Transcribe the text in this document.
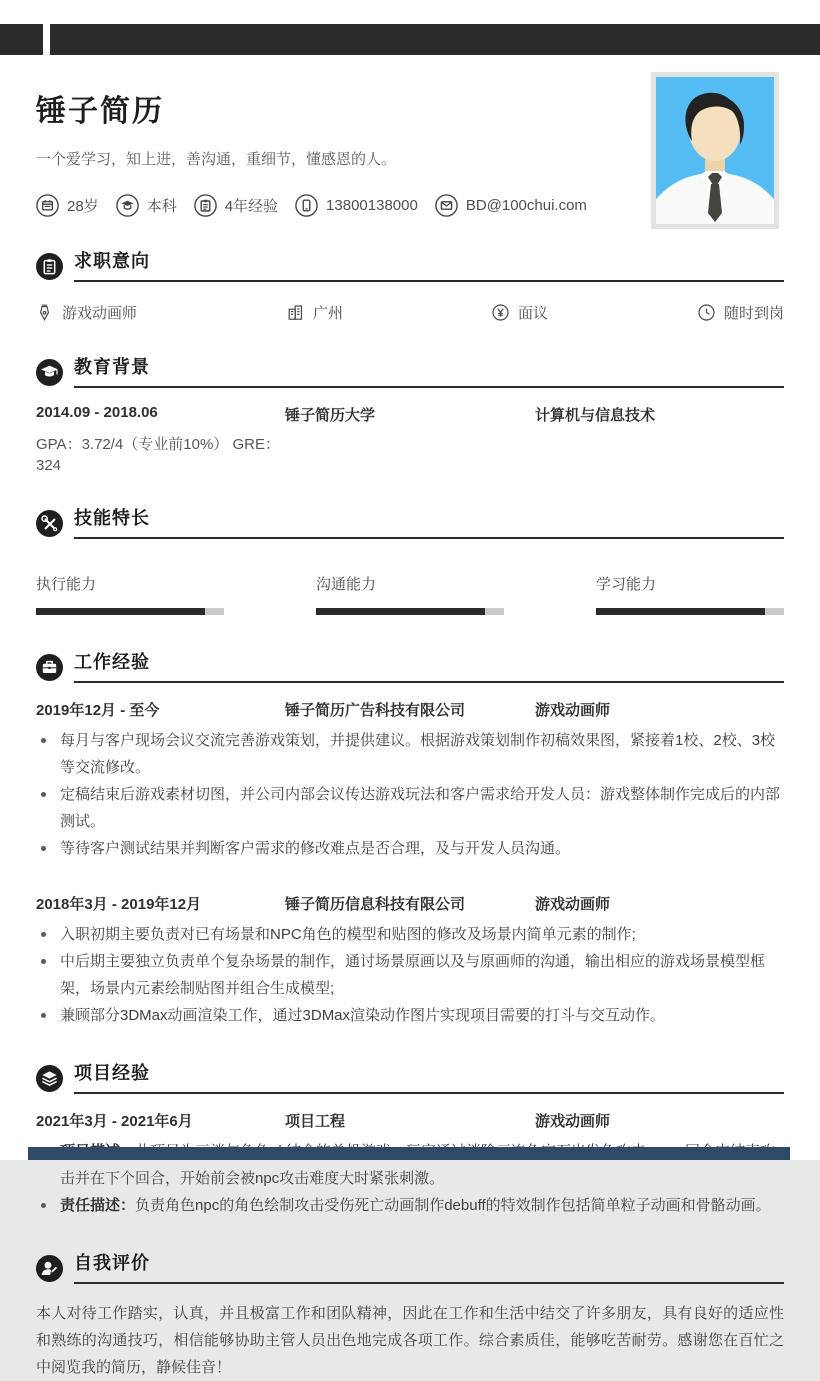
锤子简历
一个爱学习，知上进，善沟通，重细节，懂感恩的人。
28岁	本科	4年经验	13800138000	BD@100chui.com
求职意向
游戏动画师	广州	面议	随时到岗
教育背景
2014.09 - 2018.06	锤子简历大学	计算机与信息技术
GPA：3.72/4（专业前10%） GRE：324
技能特长
执行能力	沟通能力	学习能力
工作经验
2019年12月 - 至今	锤子简历广告科技有限公司	游戏动画师
每月与客户现场会议交流完善游戏策划，并提供建议。根据游戏策划制作初稿效果图，紧接着1校、2校、3校等交流修改。
定稿结束后游戏素材切图，并公司内部会议传达游戏玩法和客户需求给开发人员：游戏整体制作完成后的内部测试。
等待客户测试结果并判断客户需求的修改难点是否合理，及与开发人员沟通。
2018年3月 - 2019年12月	锤子简历信息科技有限公司	游戏动画师
入职初期主要负责对已有场景和NPC角色的模型和贴图的修改及场景内简单元素的制作;
中后期主要独立负责单个复杂场景的制作，通讨场景原画以及与原画师的沟通，输出相应的游戏场景模型框架，场景内元素绘制贴图并组合生成模型;
兼顾部分3DMax动画渲染工作，通过3DMax渲染动作图片实现项目需要的打斗与交互动作。
项目经验
2021年3月 - 2021年6月	项目工程	游戏动画师
击并在下个回合，开始前会被npc攻击难度大时紧张刺激。
责任描述：负责角色npc的角色绘制攻击受伤死亡动画制作debuff的特效制作包括简单粒子动画和骨骼动画。
自我评价

本人对待工作踏实，认真，并且极富工作和团队精神，因此在工作和生活中结交了许多朋友，具有良好的适应性和熟练的沟通技巧，相信能够协助主管人员出色地完成各项工作。综合素质佳，能够吃苦耐劳。感谢您在百忙之中阅览我的简历，静候佳音！
